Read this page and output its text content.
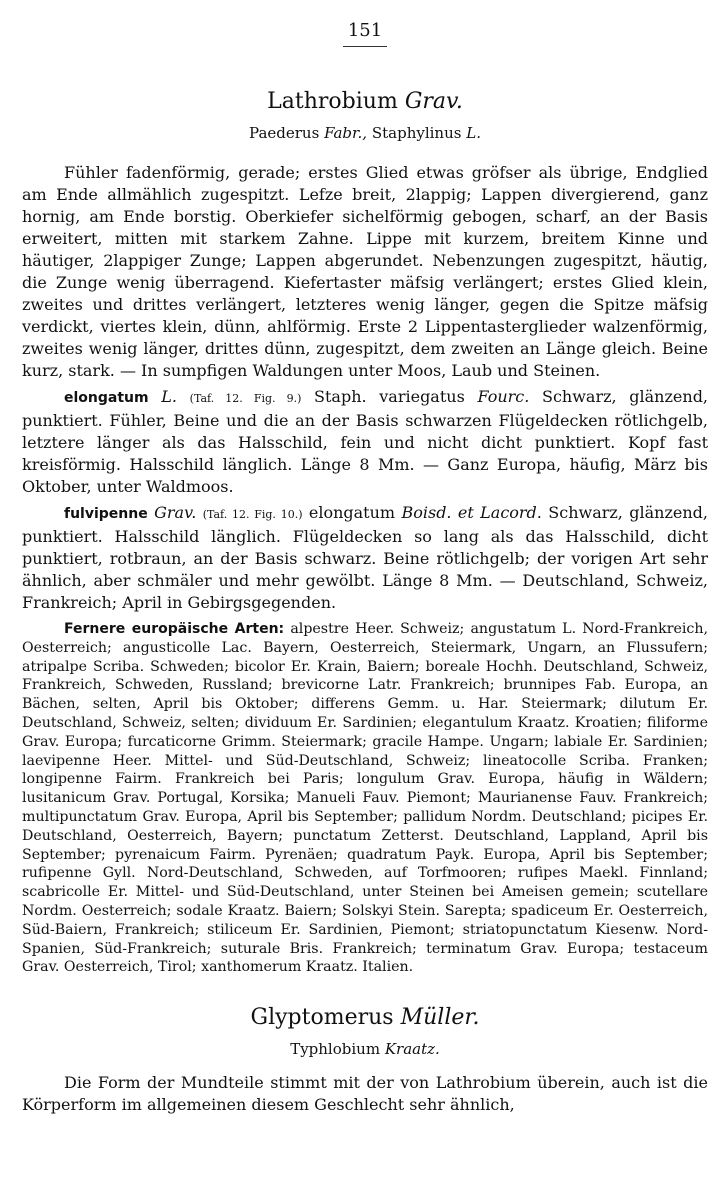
151
Lathrobium Grav.
Paederus Fabr., Staphylinus L.

Fühler fadenförmig, gerade; erstes Glied etwas gröfser als übrige, Endglied am Ende allmählich zugespitzt. Lefze breit, 2lappig; Lappen divergierend, ganz hornig, am Ende borstig. Oberkiefer sichelförmig gebogen, scharf, an der Basis erweitert, mitten mit starkem Zahne. Lippe mit kurzem, breitem Kinne und häutiger, 2lappiger Zunge; Lappen abgerundet. Nebenzungen zugespitzt, häutig, die Zunge wenig überragend. Kiefertaster mäfsig verlängert; erstes Glied klein, zweites und drittes verlängert, letzteres wenig länger, gegen die Spitze mäfsig verdickt, viertes klein, dünn, ahlförmig. Erste 2 Lippentasterglieder walzenförmig, zweites wenig länger, drittes dünn, zugespitzt, dem zweiten an Länge gleich. Beine kurz, stark. — In sumpfigen Waldungen unter Moos, Laub und Steinen.

elongatum L. (Taf. 12. Fig. 9.) Staph. variegatus Fourc. Schwarz, glänzend, punktiert. Fühler, Beine und die an der Basis schwarzen Flügeldecken rötlichgelb, letztere länger als das Halsschild, fein und nicht dicht punktiert. Kopf fast kreisförmig. Halsschild länglich. Länge 8 Mm. — Ganz Europa, häufig, März bis Oktober, unter Waldmoos.

fulvipenne Grav. (Taf. 12. Fig. 10.) elongatum Boisd. et Lacord. Schwarz, glänzend, punktiert. Halsschild länglich. Flügeldecken so lang als das Halsschild, dicht punktiert, rotbraun, an der Basis schwarz. Beine rötlichgelb; der vorigen Art sehr ähnlich, aber schmäler und mehr gewölbt. Länge 8 Mm. — Deutschland, Schweiz, Frankreich; April in Gebirgsgegenden.

Fernere europäische Arten: alpestre Heer. Schweiz; angustatum L. Nord-Frankreich, Oesterreich; angusticolle Lac. Bayern, Oesterreich, Steiermark, Ungarn, an Flussufern; atripalpe Scriba. Schweden; bicolor Er. Krain, Baiern; boreale Hochh. Deutschland, Schweiz, Frankreich, Schweden, Russland; brevicorne Latr. Frankreich; brunnipes Fab. Europa, an Bächen, selten, April bis Oktober; differens Gemm. u. Har. Steiermark; dilutum Er. Deutschland, Schweiz, selten; dividuum Er. Sardinien; elegantulum Kraatz. Kroatien; filiforme Grav. Europa; furcaticorne Grimm. Steiermark; gracile Hampe. Ungarn; labiale Er. Sardinien; laevipenne Heer. Mittel- und Süd-Deutschland, Schweiz; lineatocolle Scriba. Franken; longipenne Fairm. Frankreich bei Paris; longulum Grav. Europa, häufig in Wäldern; lusitanicum Grav. Portugal, Korsika; Manueli Fauv. Piemont; Maurianense Fauv. Frankreich; multipunctatum Grav. Europa, April bis September; pallidum Nordm. Deutschland; picipes Er. Deutschland, Oesterreich, Bayern; punctatum Zetterst. Deutschland, Lappland, April bis September; pyrenaicum Fairm. Pyrenäen; quadratum Payk. Europa, April bis September; rufipenne Gyll. Nord-Deutschland, Schweden, auf Torfmooren; rufipes Maekl. Finnland; scabricolle Er. Mittel- und Süd-Deutschland, unter Steinen bei Ameisen gemein; scutellare Nordm. Oesterreich; sodale Kraatz. Baiern; Solskyi Stein. Sarepta; spadiceum Er. Oesterreich, Süd-Baiern, Frankreich; stiliceum Er. Sardinien, Piemont; striatopunctatum Kiesenw. Nord-Spanien, Süd-Frankreich; suturale Bris. Frankreich; terminatum Grav. Europa; testaceum Grav. Oesterreich, Tirol; xanthomerum Kraatz. Italien.

Glyptomerus Müller.
Typhlobium Kraatz.

Die Form der Mundteile stimmt mit der von Lathrobium überein, auch ist die Körperform im allgemeinen diesem Geschlecht sehr ähnlich,
